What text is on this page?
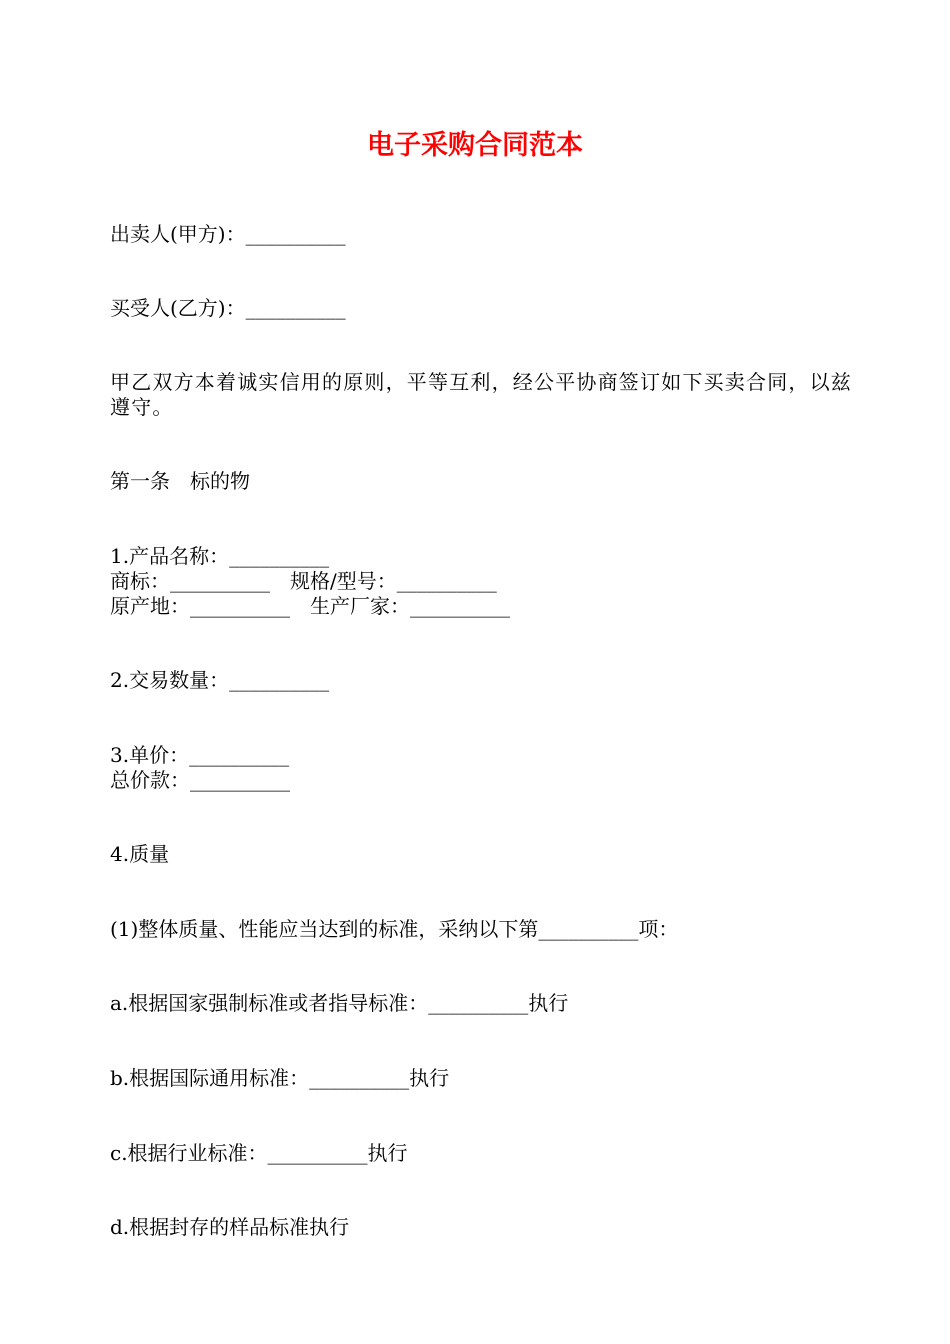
电子采购合同范本

出卖人(甲方)：__________

买受人(乙方)：__________

甲乙双方本着诚实信用的原则，平等互利，经公平协商签订如下买卖合同，以兹遵守。

第一条　标的物

1.产品名称：__________

商标：__________　规格/型号：__________

原产地：__________　生产厂家：__________

2.交易数量：__________

3.单价：__________

总价款：__________

4.质量

(1)整体质量、性能应当达到的标准，采纳以下第__________项：

a.根据国家强制标准或者指导标准：__________执行

b.根据国际通用标准：__________执行

c.根据行业标准：__________执行

d.根据封存的样品标准执行
